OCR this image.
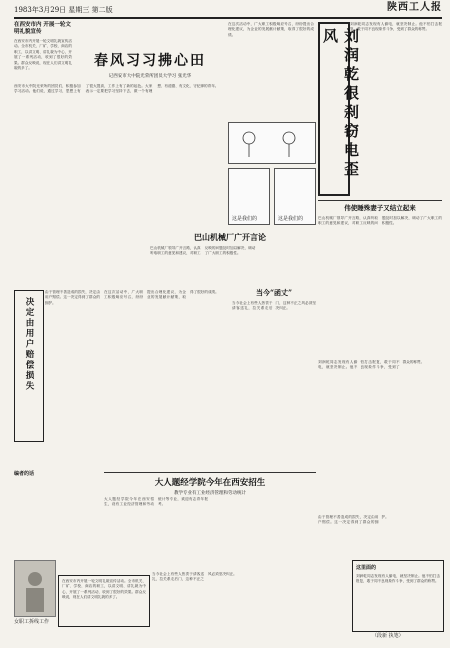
1983年3月29日 星期三 第二版	陕西工人报
在西安市内 开展一轮文明礼貌宣传
在西安市内开展一轮文明礼貌宣传活动。全市机关、厂矿、学校、商店的职工，以讲文明、讲礼貌为中心，开展了一系列活动，收到了很好的效果。群众反映说，现在人们讲文明礼貌的多了。	春风习习拂心田
记西安市大中院光荣所团员大学习 张光华
西安市大中院光荣所的团员们，积极参加学习活动。他们说，通过学习，思想上有了很大提高，工作上有了新的起色。大家表示一定要把学习坚持下去，做一个有理想、有道德、有文化、守纪律的青年。
在这次活动中，广大职工积极响应号召，纷纷提出合理化建议，为企业的发展献计献策，取得了很好的成绩。	刘润乾很刹窃电歪风
刘润乾同志发现有人偷电，就坚决制止。他不怕打击报复，敢于同不良现象作斗争，受到了群众的称赞。
这是我们的	这是我们的
伟使睡殊妻子又结立起来
巴山机械厂领导广开言路，认真听取职工的意见和建议，对职工反映的问题及时加以解决，调动了广大职工的积极性。
巴山机械厂广开言论
巴山机械厂领导广开言路，认真听取职工的意见和建议，对职工反映的问题及时加以解决，调动了广大职工的积极性。
决定由用户赔偿损失
由于管理不善造成的损失，决定由用户赔偿。这一决定得到了群众的拥护。
在这次活动中，广大职工积极响应号召，纷纷提出合理化建议，为企业的发展献计献策，取得了很好的成绩。	当今“函丈”
当今社会上有些人热衷于请客送礼，拉关系走后门，这种不正之风必须坚决纠正。
刘润乾同志发现有人偷电，就坚决制止。他不怕打击报复，敢于同不良现象作斗争，受到了群众的称赞。
编者的话
大人题经学院今年在西安招生
教学专业有工业经济管理和劳动统计
大人题经学院今年在西安招生，设有工业经济管理和劳动统计等专业，欢迎有志青年报考。
女职工拆线工作
在西安市内开展一轮文明礼貌宣传活动。全市机关、厂矿、学校、商店的职工，以讲文明、讲礼貌为中心，开展了一系列活动，收到了很好的效果。群众反映说，现在人们讲文明礼貌的多了。
当今社会上有些人热衷于请客送礼，拉关系走后门，这种不正之风必须坚决纠正。
这里面的
刘润乾同志发现有人偷电，就坚决制止。他不怕打击报复，敢于同不良现象作斗争，受到了群众的称赞。
由于管理不善造成的损失，决定由用户赔偿。这一决定得到了群众的拥护。
（段新 执笔）
